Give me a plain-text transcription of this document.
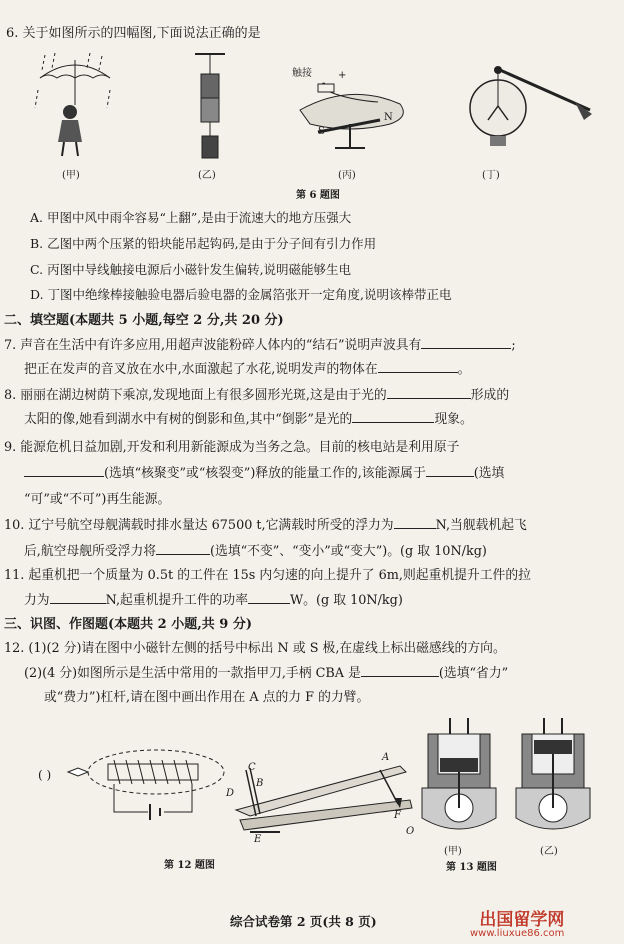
6. 关于如图所示的四幅图,下面说法正确的是
(甲)	(乙)
触接	+
-
S
N
(丙)	(丁)
第 6 题图
A. 甲图中风中雨伞容易“上翻”,是由于流速大的地方压强大
B. 乙图中两个压紧的铅块能吊起钩码,是由于分子间有引力作用
C. 丙图中导线触接电源后小磁针发生偏转,说明磁能够生电
D. 丁图中绝缘棒接触验电器后验电器的金属箔张开一定角度,说明该棒带正电
二、填空题(本题共 5 小题,每空 2 分,共 20 分)
7. 声音在生活中有许多应用,用超声波能粉碎人体内的“结石”说明声波具有	;
把正在发声的音叉放在水中,水面激起了水花,说明发声的物体在	。
8. 丽丽在湖边树荫下乘凉,发现地面上有很多圆形光斑,这是由于光的	形成的
太阳的像,她看到湖水中有树的倒影和鱼,其中“倒影”是光的	现象。
9. 能源危机日益加剧,开发和利用新能源成为当务之急。目前的核电站是利用原子
(选填“核聚变”或“核裂变”)释放的能量工作的,该能源属于	(选填
“可”或“不可”)再生能源。
10. 辽宁号航空母舰满载时排水量达 67500 t,它满载时所受的浮力为	N,当舰载机起飞
后,航空母舰所受浮力将	(选填“不变”、“变小”或“变大”)。(g 取 10N/kg)
11. 起重机把一个质量为 0.5t 的工件在 15s 内匀速的向上提升了 6m,则起重机提升工件的拉
力为	N,起重机提升工件的功率	W。(g 取 10N/kg)
三、识图、作图题(本题共 2 小题,共 9 分)
12. (1)(2 分)请在图中小磁针左侧的括号中标出 N 或 S 极,在虚线上标出磁感线的方向。
(2)(4 分)如图所示是生活中常用的一款指甲刀,手柄 CBA 是	(选填“省力”
或“费力”)杠杆,请在图中画出作用在 A 点的力 F 的力臂。
( )
C
B
D
E
A
F
O
第 12 题图
(甲)	(乙)
第 13 题图
综合试卷第 2 页(共 8 页)	出国留学网
www.liuxue86.com
